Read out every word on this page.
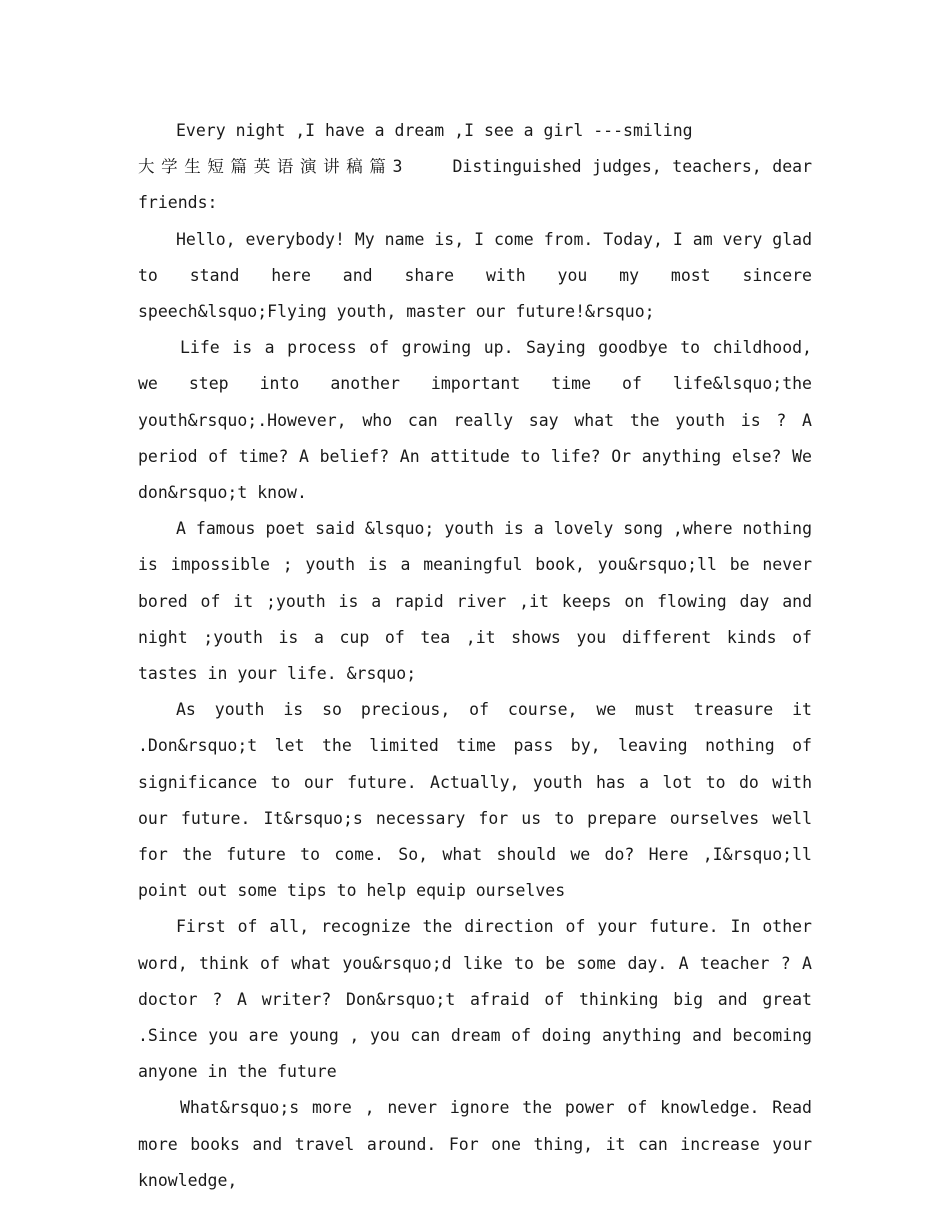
Every night ,I have a dream ,I see a girl ---smiling

大学生短篇英语演讲稿篇3	Distinguished judges, teachers, dear friends:

Hello, everybody! My name is, I come from. Today, I am very glad to stand here and share with you my most sincere speech&lsquo;Flying youth, master our future!&rsquo;

Life is a process of growing up. Saying goodbye to childhood, we step into another important time of life&lsquo;the youth&rsquo;.However, who can really say what the youth is ? A period of time? A belief? An attitude to life? Or anything else? We don&rsquo;t know.

A famous poet said &lsquo; youth is a lovely song ,where nothing is impossible ; youth is a meaningful book, you&rsquo;ll be never bored of it ;youth is a rapid river ,it keeps on flowing day and night ;youth is a cup of tea ,it shows you different kinds of tastes in your life. &rsquo;

As youth is so precious, of course, we must treasure it .Don&rsquo;t let the limited time pass by, leaving nothing of significance to our future. Actually, youth has a lot to do with our future. It&rsquo;s necessary for us to prepare ourselves well for the future to come. So, what should we do? Here ,I&rsquo;ll point out some tips to help equip ourselves

First of all, recognize the direction of your future. In other word, think of what you&rsquo;d like to be some day. A teacher ? A doctor ? A writer? Don&rsquo;t afraid of thinking big and great .Since you are young , you can dream of doing anything and becoming anyone in the future

What&rsquo;s more , never ignore the power of knowledge. Read more books and travel around. For one thing, it can increase your knowledge,
